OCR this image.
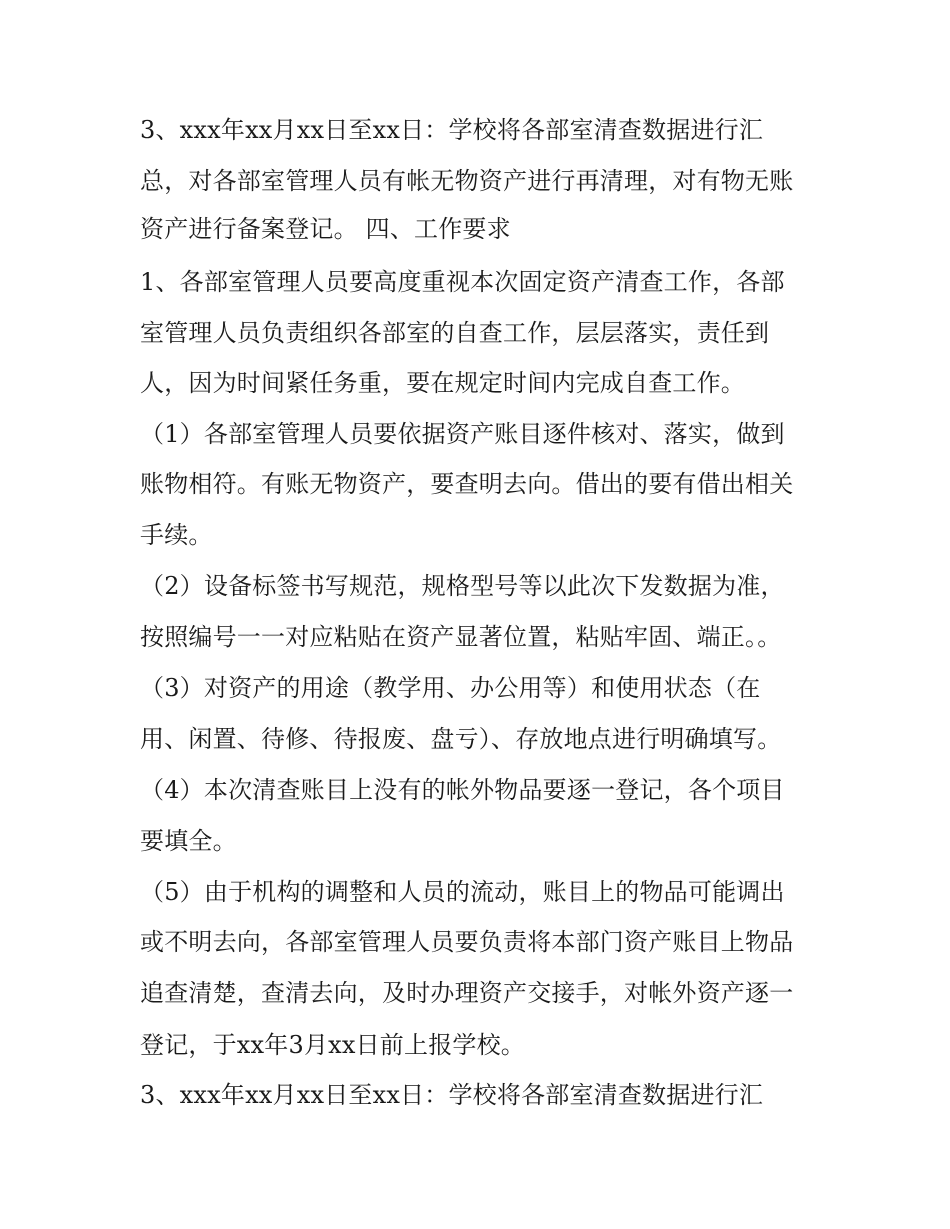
3、xxx年xx月xx日至xx日：学校将各部室清查数据进行汇
总，对各部室管理人员有帐无物资产进行再清理，对有物无账
资产进行备案登记。 四、工作要求
1、各部室管理人员要高度重视本次固定资产清查工作，各部
室管理人员负责组织各部室的自查工作，层层落实，责任到
人，因为时间紧任务重，要在规定时间内完成自查工作。
（1）各部室管理人员要依据资产账目逐件核对、落实，做到
账物相符。有账无物资产，要查明去向。借出的要有借出相关
手续。
（2）设备标签书写规范，规格型号等以此次下发数据为准，
按照编号一一对应粘贴在资产显著位置，粘贴牢固、端正。。
（3）对资产的用途（教学用、办公用等）和使用状态（在
用、闲置、待修、待报废、盘亏）、存放地点进行明确填写。
（4）本次清查账目上没有的帐外物品要逐一登记，各个项目
要填全。
（5）由于机构的调整和人员的流动，账目上的物品可能调出
或不明去向，各部室管理人员要负责将本部门资产账目上物品
追查清楚，查清去向，及时办理资产交接手，对帐外资产逐一
登记，于xx年3月xx日前上报学校。
3、xxx年xx月xx日至xx日：学校将各部室清查数据进行汇
